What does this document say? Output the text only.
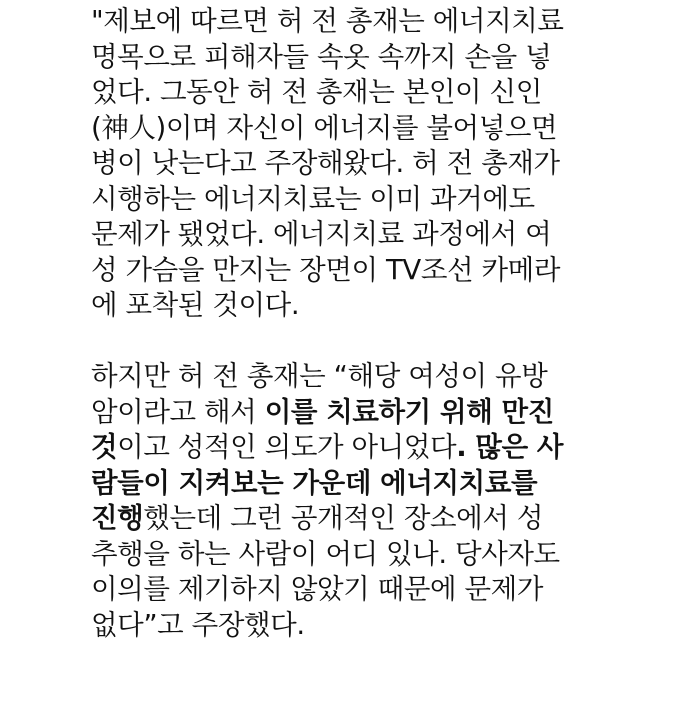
"제보에 따르면 허 전 총재는 에너지치료
명목으로 피해자들 속옷 속까지 손을 넣
었다. 그동안 허 전 총재는 본인이 신인
(神人)이며 자신이 에너지를 불어넣으면
병이 낫는다고 주장해왔다. 허 전 총재가
시행하는 에너지치료는 이미 과거에도
문제가 됐었다. 에너지치료 과정에서 여
성 가슴을 만지는 장면이 TV조선 카메라
에 포착된 것이다.

하지만 허 전 총재는 “해당 여성이 유방
암이라고 해서 이를 치료하기 위해 만진
것이고 성적인 의도가 아니었다. 많은 사
람들이 지켜보는 가운데 에너지치료를
진행했는데 그런 공개적인 장소에서 성
추행을 하는 사람이 어디 있나. 당사자도
이의를 제기하지 않았기 때문에 문제가
없다”고 주장했다.
